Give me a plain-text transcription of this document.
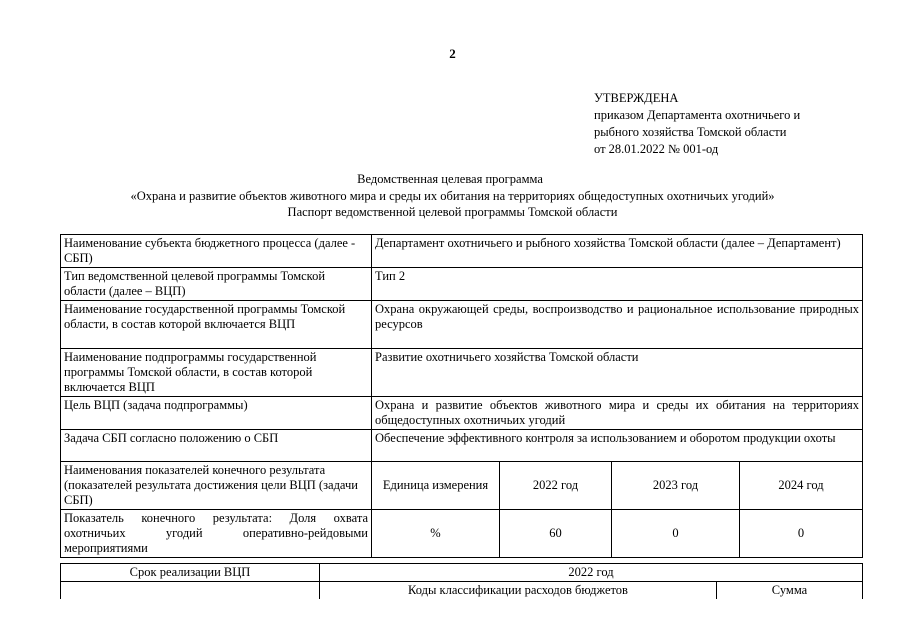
2
УТВЕРЖДЕНА
приказом Департамента охотничьего и
рыбного хозяйства Томской области
от 28.01.2022 № 001-од
Ведомственная целевая программа
«Охрана и развитие объектов животного мира и среды их обитания на территориях общедоступных охотничьих угодий»
Паспорт ведомственной целевой программы Томской области
Наименование субъекта бюджетного процесса (далее - СБП)	Департамент охотничьего и рыбного хозяйства Томской области (далее – Департамент)			
Тип ведомственной целевой программы Томской области (далее – ВЦП)	Тип 2			
Наименование государственной программы Томской области, в состав которой включается ВЦП	Охрана окружающей среды, воспроизводство и рациональное использование природных ресурсов			
Наименование подпрограммы государственной программы Томской области, в состав которой включается ВЦП	Развитие охотничьего хозяйства Томской области			
Цель ВЦП (задача подпрограммы)	Охрана и развитие объектов животного мира и среды их обитания на территориях общедоступных охотничьих угодий			
Задача СБП согласно положению о СБП	Обеспечение эффективного контроля за использованием и оборотом продукции охоты			
Наименования показателей конечного результата (показателей результата достижения цели ВЦП (задачи СБП)	Единица измерения	2022 год	2023 год	2024 год
Показатель конечного результата: Доля охвата охотничьих угодий оперативно-рейдовыми мероприятиями	%	60	0	0
Срок реализации ВЦП	2022 год	
	Коды классификации расходов бюджетов	Сумма
